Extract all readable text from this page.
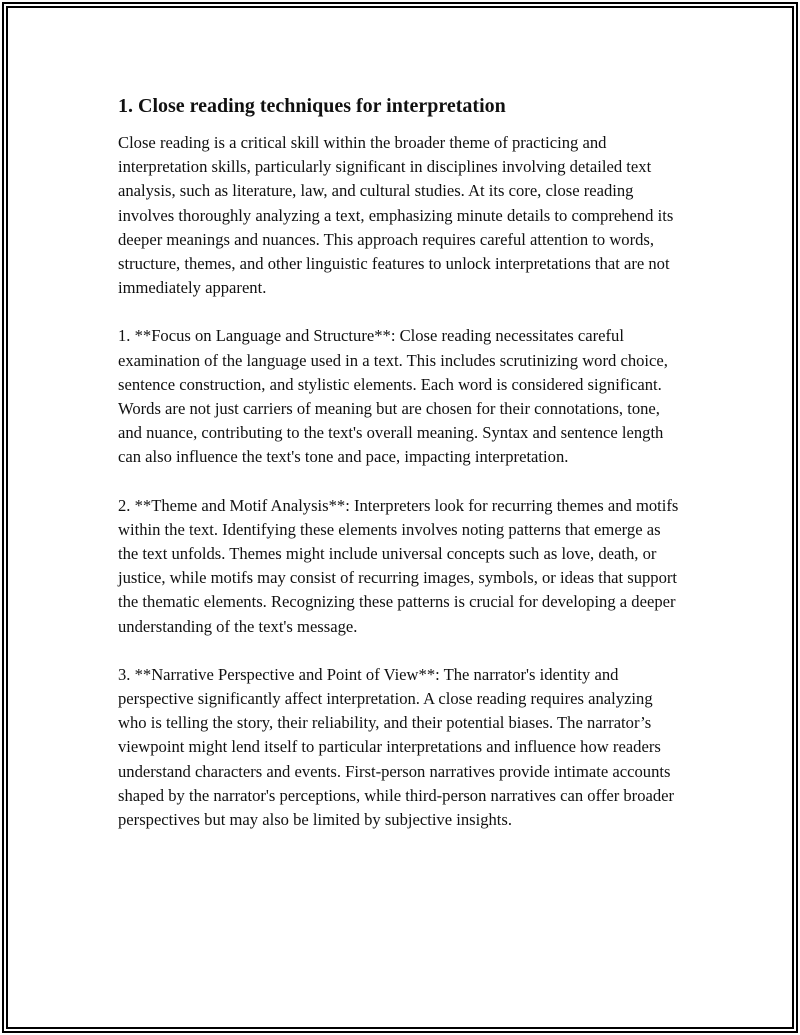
1. Close reading techniques for interpretation

Close reading is a critical skill within the broader theme of practicing and interpretation skills, particularly significant in disciplines involving detailed text analysis, such as literature, law, and cultural studies. At its core, close reading involves thoroughly analyzing a text, emphasizing minute details to comprehend its deeper meanings and nuances. This approach requires careful attention to words, structure, themes, and other linguistic features to unlock interpretations that are not immediately apparent.

1. **Focus on Language and Structure**: Close reading necessitates careful examination of the language used in a text. This includes scrutinizing word choice, sentence construction, and stylistic elements. Each word is considered significant. Words are not just carriers of meaning but are chosen for their connotations, tone, and nuance, contributing to the text's overall meaning. Syntax and sentence length can also influence the text's tone and pace, impacting interpretation.

2. **Theme and Motif Analysis**: Interpreters look for recurring themes and motifs within the text. Identifying these elements involves noting patterns that emerge as the text unfolds. Themes might include universal concepts such as love, death, or justice, while motifs may consist of recurring images, symbols, or ideas that support the thematic elements. Recognizing these patterns is crucial for developing a deeper understanding of the text's message.

3. **Narrative Perspective and Point of View**: The narrator's identity and perspective significantly affect interpretation. A close reading requires analyzing who is telling the story, their reliability, and their potential biases. The narrator’s viewpoint might lend itself to particular interpretations and influence how readers understand characters and events. First-person narratives provide intimate accounts shaped by the narrator's perceptions, while third-person narratives can offer broader perspectives but may also be limited by subjective insights.
